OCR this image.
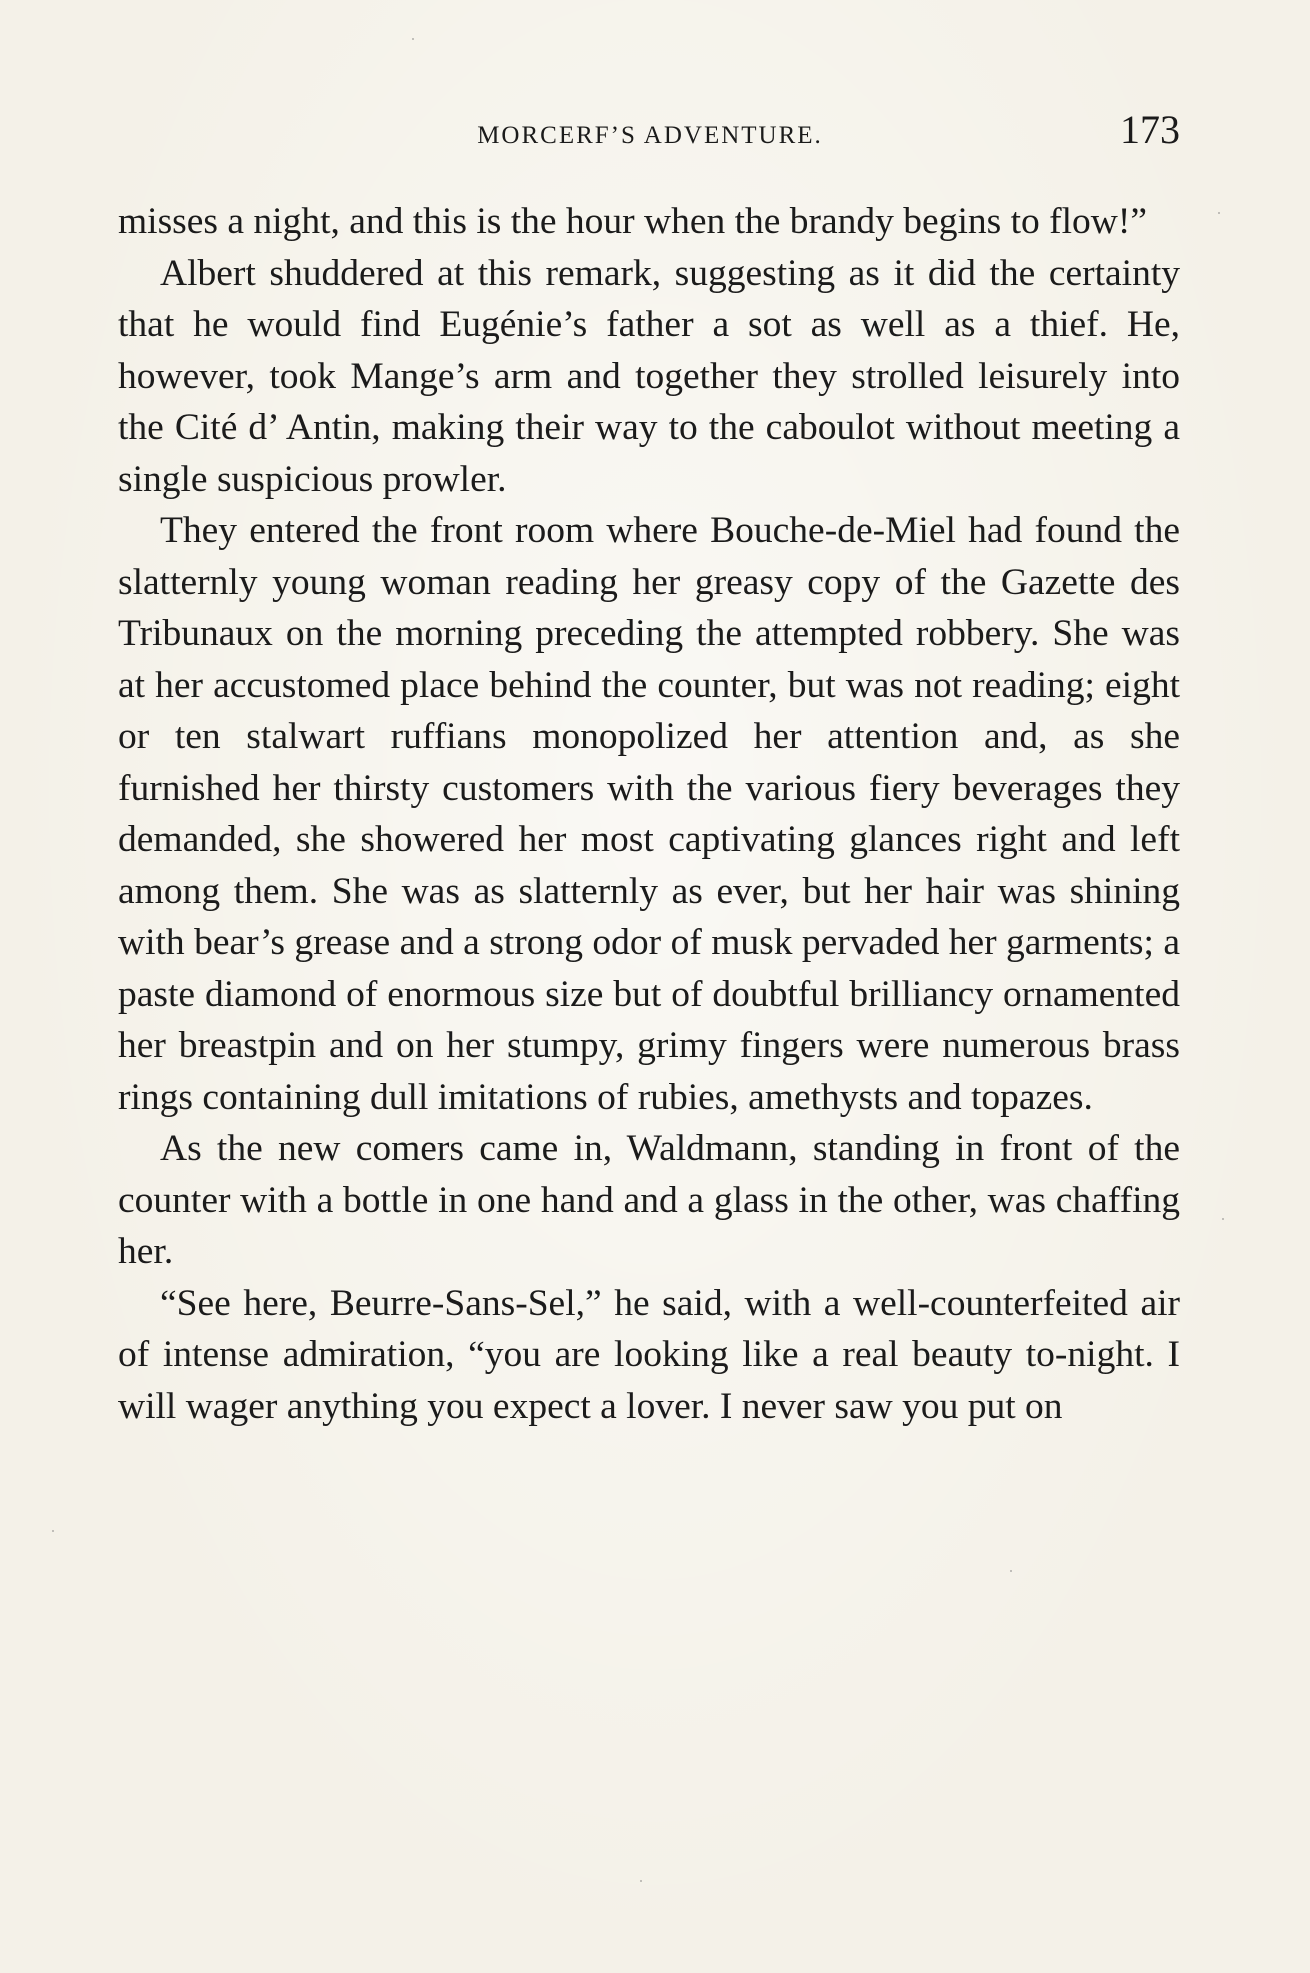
MORCERF’S ADVENTURE.	173

misses a night, and this is the hour when the brandy begins to flow!”

Albert shuddered at this remark, suggesting as it did the certainty that he would find Eugénie’s father a sot as well as a thief. He, however, took Mange’s arm and together they strolled leisurely into the Cité d’ Antin, making their way to the caboulot without meeting a single suspicious prowler.

They entered the front room where Bouche-de-Miel had found the slatternly young woman reading her greasy copy of the Gazette des Tribunaux on the morning preceding the attempted robbery. She was at her accustomed place behind the counter, but was not reading; eight or ten stalwart ruffians monopolized her attention and, as she furnished her thirsty customers with the various fiery beverages they demanded, she showered her most captivating glances right and left among them. She was as slatternly as ever, but her hair was shining with bear’s grease and a strong odor of musk pervaded her garments; a paste diamond of enormous size but of doubtful brilliancy ornamented her breastpin and on her stumpy, grimy fingers were numerous brass rings containing dull imitations of rubies, amethysts and topazes.

As the new comers came in, Waldmann, standing in front of the counter with a bottle in one hand and a glass in the other, was chaffing her.

“See here, Beurre-Sans-Sel,” he said, with a well-counterfeited air of intense admiration, “you are looking like a real beauty to-night. I will wager anything you expect a lover. I never saw you put on
